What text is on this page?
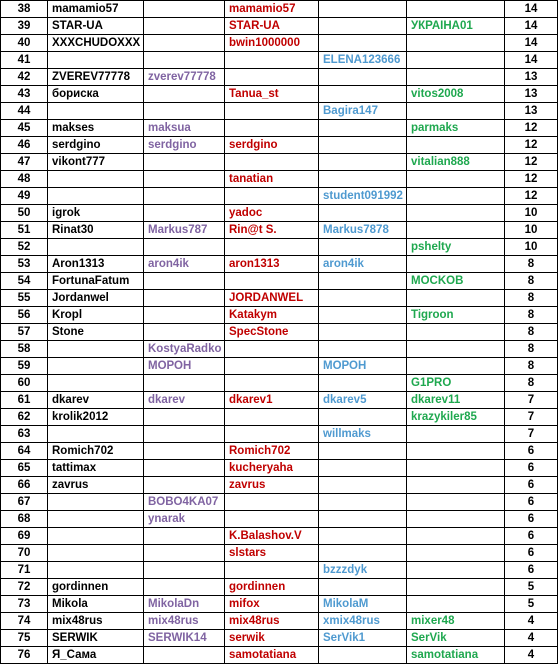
38	mamamio57		mamamio57			14
39	STAR-UA		STAR-UA		УКРАІНА01	14
40	XXXCHUDOXXX		bwin1000000			14
41				ELENA123666		14
42	ZVEREV77778	zverev77778				13
43	бориска		Tanua_st		vitos2008	13
44				Bagira147		13
45	makses	maksua			parmaks	12
46	serdgino	serdgino	serdgino			12
47	vikont777				vitalian888	12
48			tanatian			12
49				student091992		12
50	igrok		yadoc			10
51	Rinat30	Markus787	Rin@t S.	Markus7878		10
52					pshelty	10
53	Aron1313	aron4ik	aron1313	aron4ik		8
54	FortunaFatum				MOCKOB	8
55	Jordanwel		JORDANWEL			8
56	Kropl		Katakym		Tigroon	8
57	Stone		SpecStone			8
58		KostyaRadko				8
59		МОРОН		МОРОН		8
60					G1PRO	8
61	dkarev	dkarev	dkarev1	dkarev5	dkarev11	7
62	krolik2012				krazykiler85	7
63				willmaks		7
64	Romich702		Romich702			6
65	tattimax		kucheryaha			6
66	zavrus		zavrus			6
67		BOBO4KA07				6
68		ynarak				6
69			K.Balashov.V			6
70			slstars			6
71				bzzzdyk		6
72	gordinnen		gordinnen			5
73	Mikola	MikolaDn	mifox	MikolaM		5
74	mix48rus	mix48rus	mix48rus	xmix48rus	mixer48	4
75	SERWIK	SERWIK14	serwik	SerVik1	SerVik	4
76	Я_Сама		samotatiana		samotatiana	4
